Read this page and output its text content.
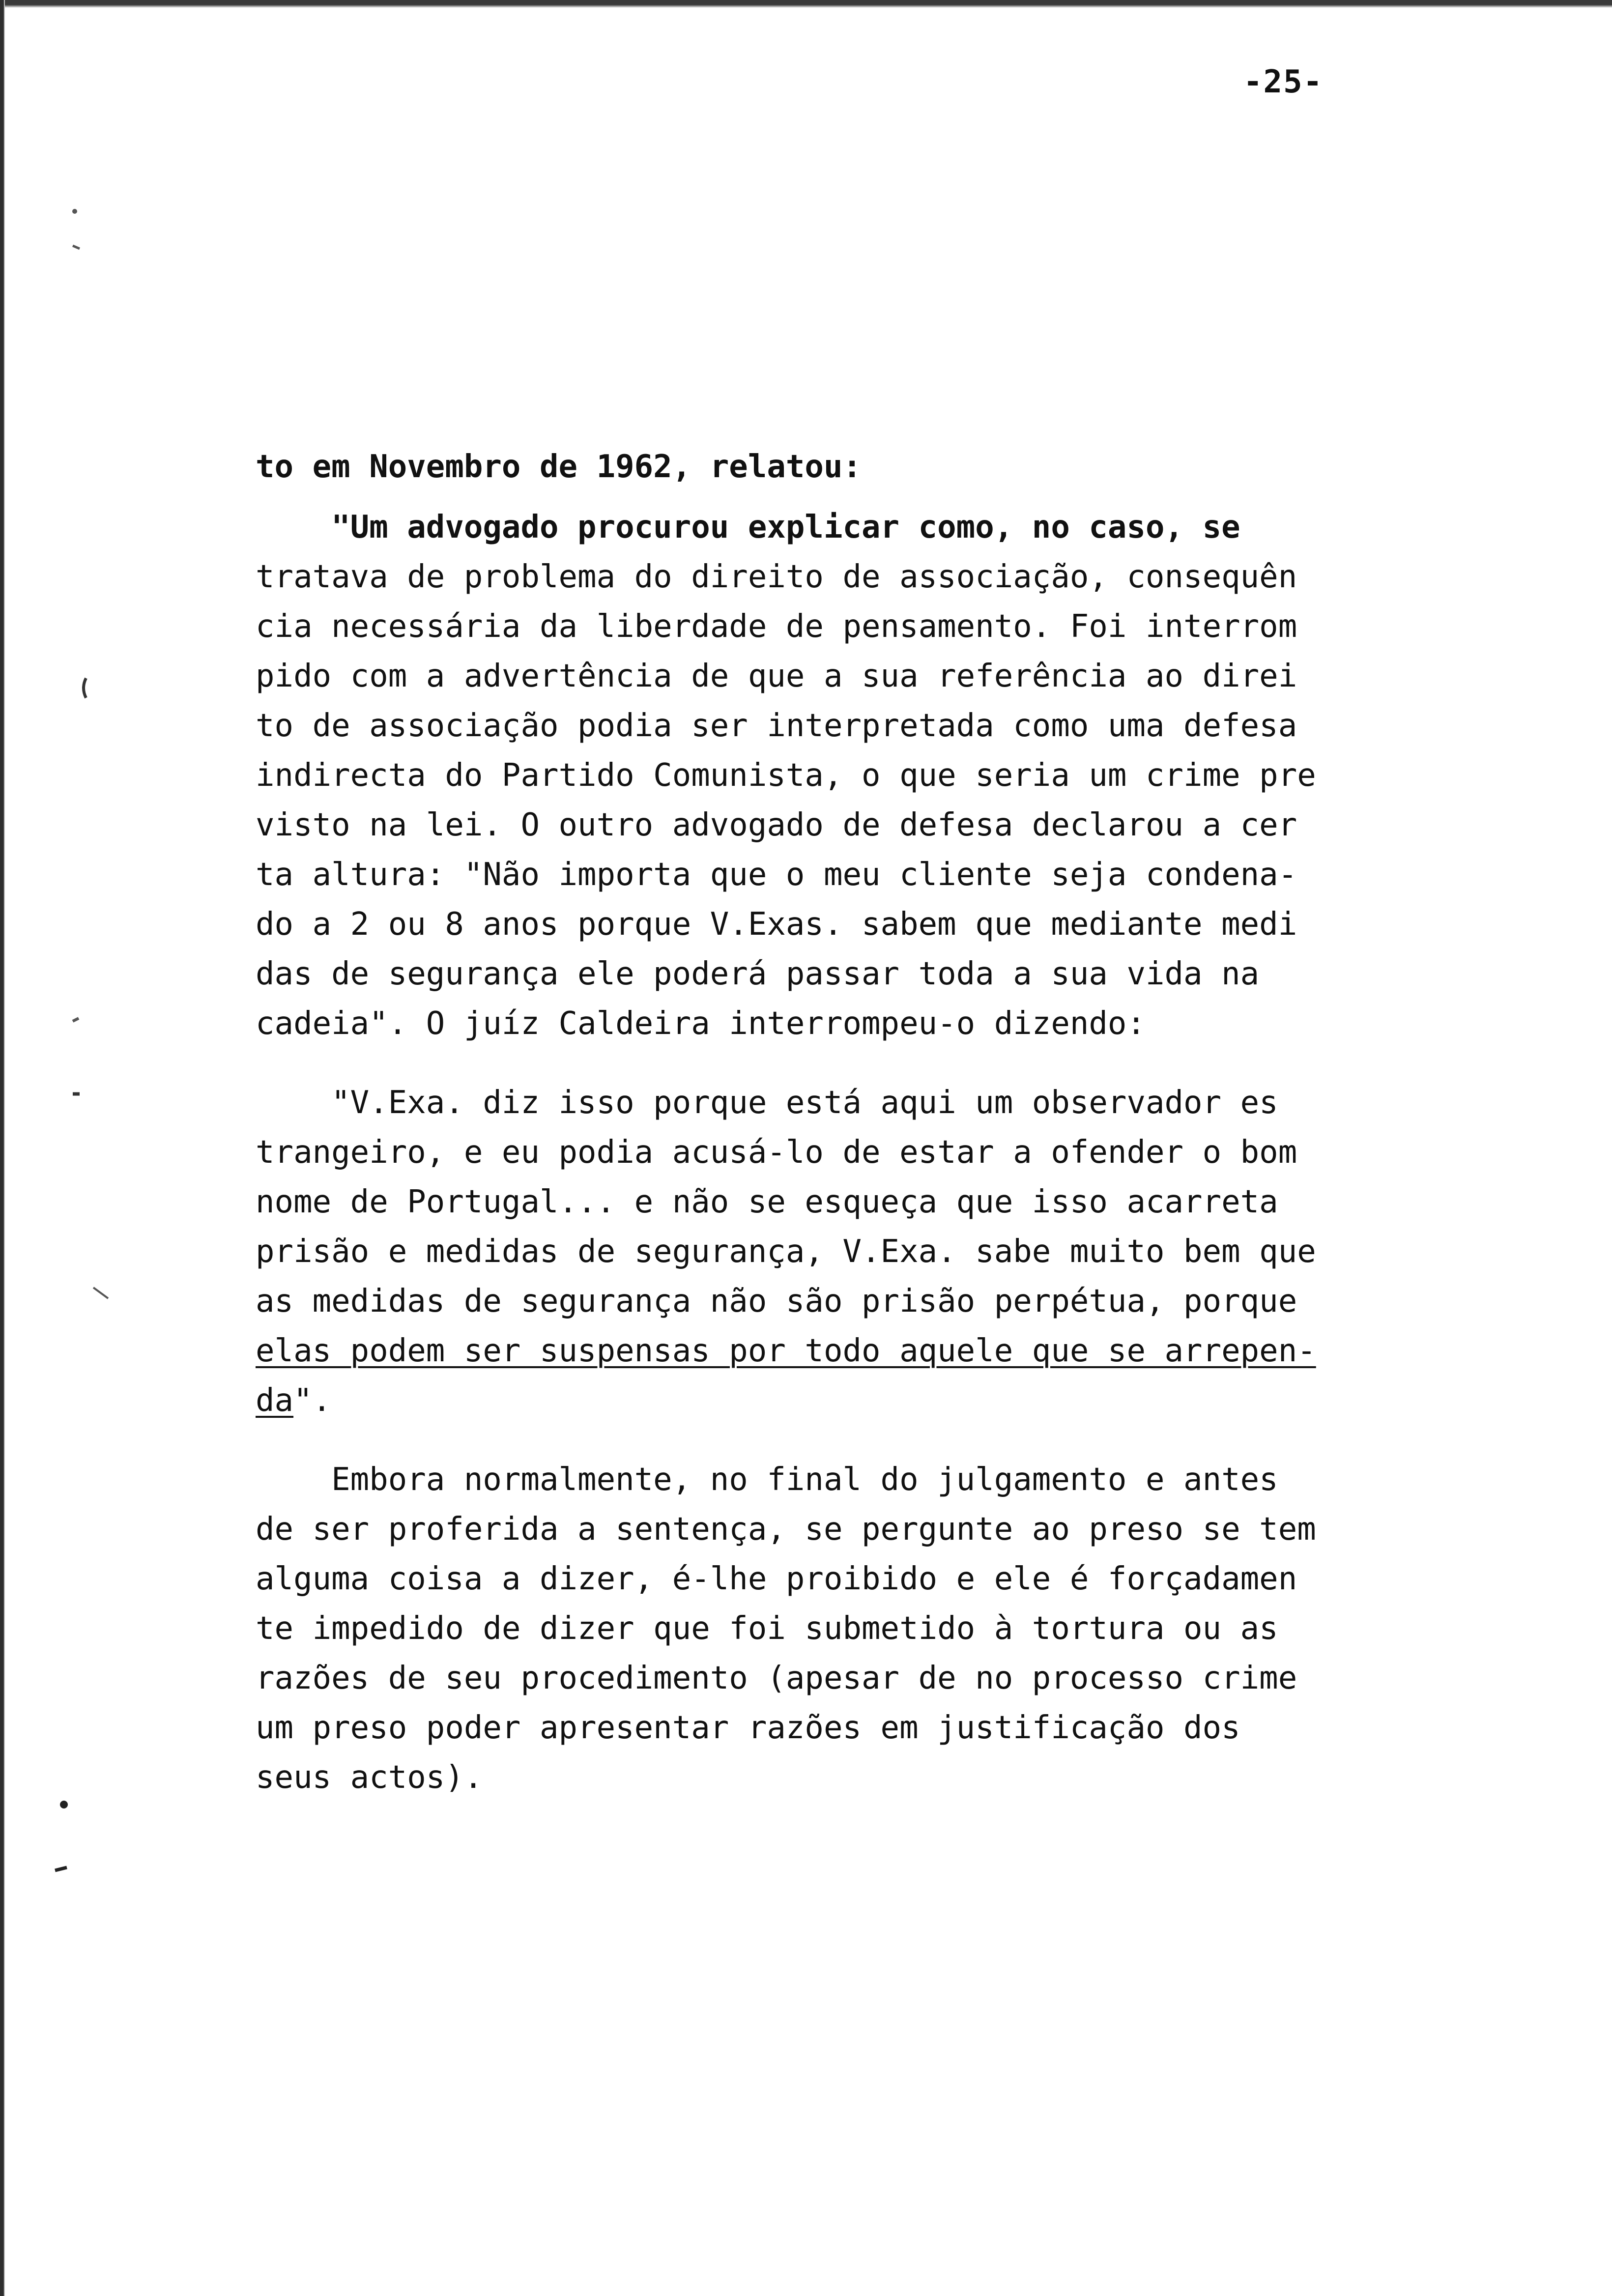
-25-
to em Novembro de 1962, relatou:
"Um advogado procurou explicar como, no caso, se
tratava de problema do direito de associação, consequên
cia necessária da liberdade de pensamento. Foi interrom
pido com a advertência de que a sua referência ao direi
to de associação podia ser interpretada como uma defesa
indirecta do Partido Comunista, o que seria um crime pre
visto na lei. O outro advogado de defesa declarou a cer
ta altura: "Não importa que o meu cliente seja condena-
do a 2 ou 8 anos porque V.Exas. sabem que mediante medi
das de segurança ele poderá passar toda a sua vida na
cadeia". O juíz Caldeira interrompeu-o dizendo:
"V.Exa. diz isso porque está aqui um observador es
trangeiro, e eu podia acusá-lo de estar a ofender o bom
nome de Portugal... e não se esqueça que isso acarreta
prisão e medidas de segurança, V.Exa. sabe muito bem que
as medidas de segurança não são prisão perpétua, porque
elas podem ser suspensas por todo aquele que se arrepen-
da".
Embora normalmente, no final do julgamento e antes
de ser proferida a sentença, se pergunte ao preso se tem
alguma coisa a dizer, é-lhe proibido e ele é forçadamen
te impedido de dizer que foi submetido à tortura ou as
razões de seu procedimento (apesar de no processo crime
um preso poder apresentar razões em justificação dos
seus actos).
